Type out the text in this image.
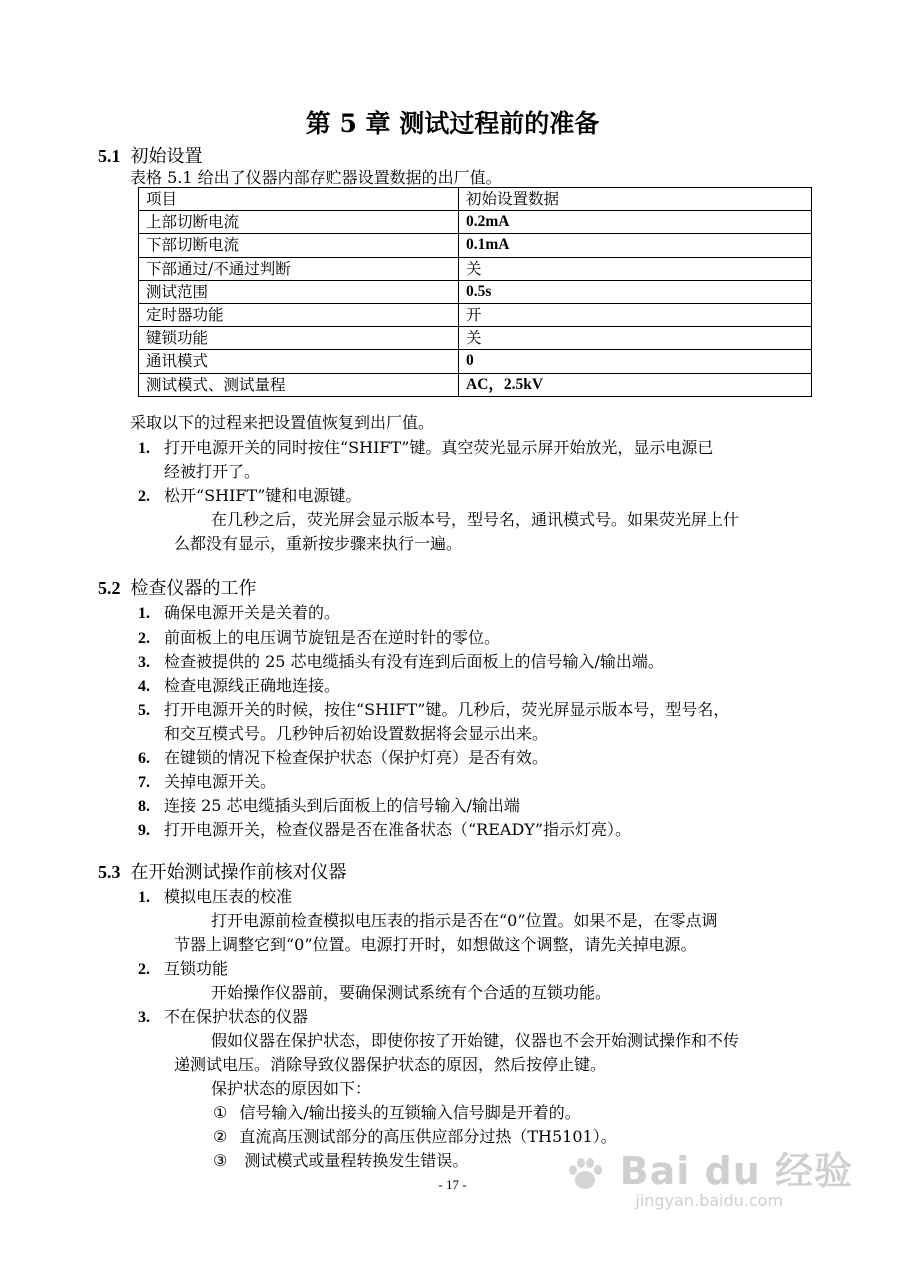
第 5 章 测试过程前的准备
5.1 初始设置
表格 5.1 给出了仪器内部存贮器设置数据的出厂值。
项目	初始设置数据
上部切断电流	0.2mA
下部切断电流	0.1mA
下部通过/不通过判断	关
测试范围	0.5s
定时器功能	开
键锁功能	关
通讯模式	0
测试模式、测试量程	AC，2.5kV
采取以下的过程来把设置值恢复到出厂值。
1. 打开电源开关的同时按住“SHIFT”键。真空荧光显示屏开始放光，显示电源已
经被打开了。
2. 松开“SHIFT”键和电源键。
在几秒之后，荧光屏会显示版本号，型号名，通讯模式号。如果荧光屏上什
么都没有显示，重新按步骤来执行一遍。
5.2 检查仪器的工作
1. 确保电源开关是关着的。
2. 前面板上的电压调节旋钮是否在逆时针的零位。
3. 检查被提供的 25 芯电缆插头有没有连到后面板上的信号输入/输出端。
4. 检查电源线正确地连接。
5. 打开电源开关的时候，按住“SHIFT”键。几秒后，荧光屏显示版本号，型号名，
和交互模式号。几秒钟后初始设置数据将会显示出来。
6. 在键锁的情况下检查保护状态（保护灯亮）是否有效。
7. 关掉电源开关。
8. 连接 25 芯电缆插头到后面板上的信号输入/输出端
9. 打开电源开关，检查仪器是否在准备状态（“READY”指示灯亮）。
5.3 在开始测试操作前核对仪器
1. 模拟电压表的校准
打开电源前检查模拟电压表的指示是否在“0”位置。如果不是，在零点调
节器上调整它到“0”位置。电源打开时，如想做这个调整，请先关掉电源。
2. 互锁功能
开始操作仪器前，要确保测试系统有个合适的互锁功能。
3. 不在保护状态的仪器
假如仪器在保护状态，即使你按了开始键，仪器也不会开始测试操作和不传
递测试电压。消除导致仪器保护状态的原因，然后按停止键。
保护状态的原因如下：
① 信号输入/输出接头的互锁输入信号脚是开着的。
② 直流高压测试部分的高压供应部分过热（TH5101）。
③ 测试模式或量程转换发生错误。
- 17 -	Bai du 经验
jingyan.baidu.com
